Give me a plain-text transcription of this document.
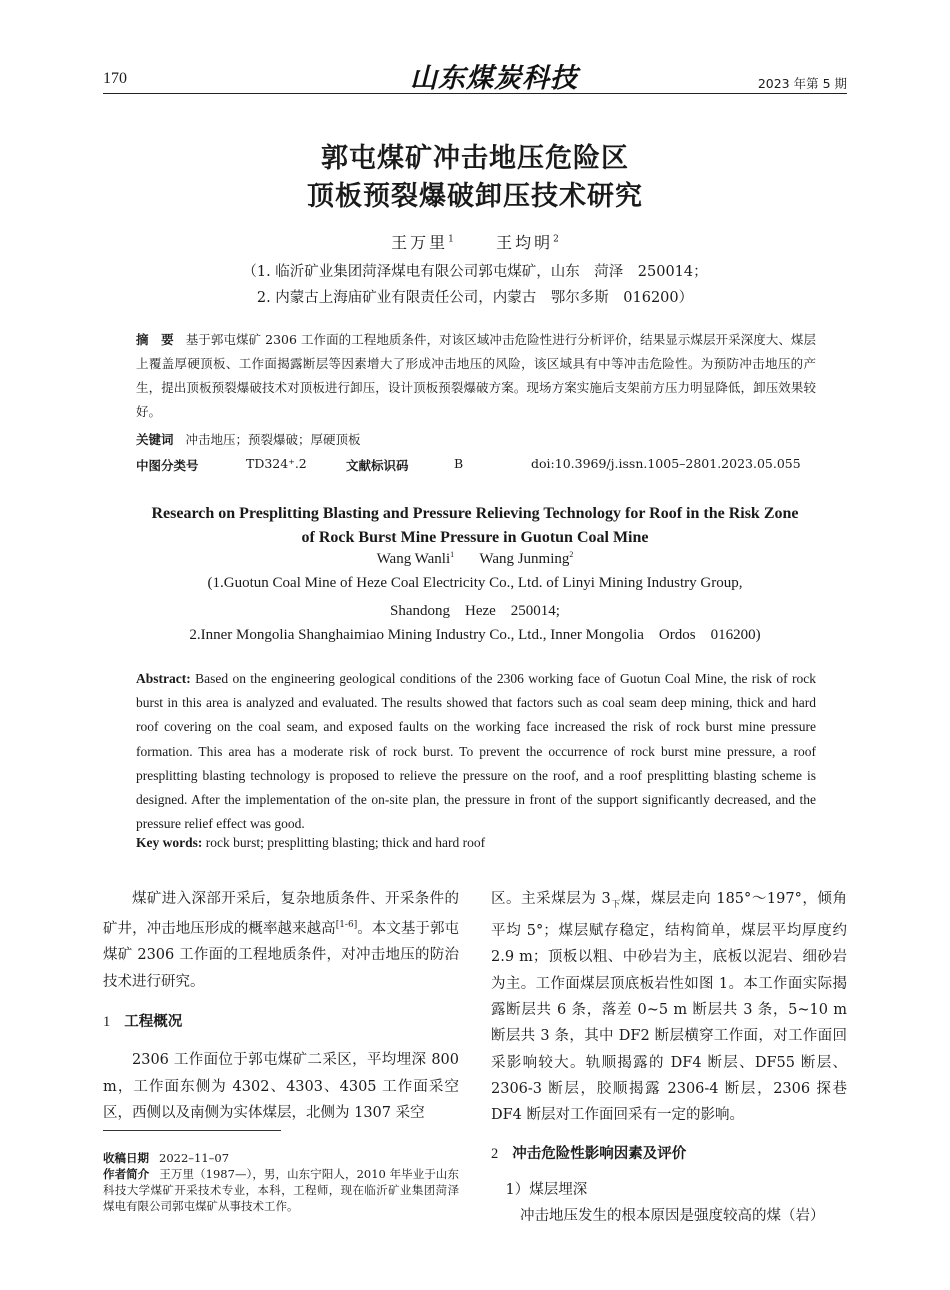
170	山东煤炭科技	2023 年第 5 期
郭屯煤矿冲击地压危险区
顶板预裂爆破卸压技术研究
王万里$^1$	王均明$^2$
（1. 临沂矿业集团菏泽煤电有限公司郭屯煤矿，山东　菏泽　250014；
2. 内蒙古上海庙矿业有限责任公司，内蒙古　鄂尔多斯　016200）
摘　要 基于郭屯煤矿 2306 工作面的工程地质条件，对该区域冲击危险性进行分析评价，结果显示煤层开采深度大、煤层上覆盖厚硬顶板、工作面揭露断层等因素增大了形成冲击地压的风险，该区域具有中等冲击危险性。为预防冲击地压的产生，提出顶板预裂爆破技术对顶板进行卸压，设计顶板预裂爆破方案。现场方案实施后支架前方压力明显降低，卸压效果较好。
关键词 冲击地压；预裂爆破；厚硬顶板
中图分类号	TD324⁺.2	文献标识码	B	doi:10.3969/j.issn.1005–2801.2023.05.055
Research on Presplitting Blasting and Pressure Relieving Technology for Roof in the Risk Zone
of Rock Burst Mine Pressure in Guotun Coal Mine
Wang Wanli$^1$ Wang Junming$^2$
(1.Guotun Coal Mine of Heze Coal Electricity Co., Ltd. of Linyi Mining Industry Group,
Shandong　Heze　250014;
2.Inner Mongolia Shanghaimiao Mining Industry Co., Ltd., Inner Mongolia　Ordos　016200)
Abstract: Based on the engineering geological conditions of the 2306 working face of Guotun Coal Mine, the risk of rock burst in this area is analyzed and evaluated. The results showed that factors such as coal seam deep mining, thick and hard roof covering on the coal seam, and exposed faults on the working face increased the risk of rock burst mine pressure formation. This area has a moderate risk of rock burst. To prevent the occurrence of rock burst mine pressure, a roof presplitting blasting technology is proposed to relieve the pressure on the roof, and a roof presplitting blasting scheme is designed. After the implementation of the on-site plan, the pressure in front of the support significantly decreased, and the pressure relief effect was good.
Key words: rock burst; presplitting blasting; thick and hard roof

煤矿进入深部开采后，复杂地质条件、开采条件的矿井，冲击地压形成的概率越来越高[1-6]。本文基于郭屯煤矿 2306 工作面的工程地质条件，对冲击地压的防治技术进行研究。

1 工程概况

2306 工作面位于郭屯煤矿二采区，平均埋深 800 m，工作面东侧为 4302、4303、4305 工作面采空区，西侧以及南侧为实体煤层，北侧为 1307 采空

区。主采煤层为 $3_下$煤，煤层走向 185°～197°，倾角平均 5°；煤层赋存稳定，结构简单，煤层平均厚度约 2.9 m；顶板以粗、中砂岩为主，底板以泥岩、细砂岩为主。工作面煤层顶底板岩性如图 1。本工作面实际揭露断层共 6 条，落差 0~5 m 断层共 3 条，5~10 m 断层共 3 条，其中 DF2 断层横穿工作面，对工作面回采影响较大。轨顺揭露的 DF4 断层、DF55 断层、2306-3 断层，胶顺揭露 2306-4 断层，2306 探巷 DF4 断层对工作面回采有一定的影响。

2 冲击危险性影响因素及评价

1）煤层埋深

冲击地压发生的根本原因是强度较高的煤（岩）

收稿日期 2022–11–07
作者简介 王万里（1987—），男，山东宁阳人，2010 年毕业于山东科技大学煤矿开采技术专业，本科，工程师，现在临沂矿业集团菏泽煤电有限公司郭屯煤矿从事技术工作。
